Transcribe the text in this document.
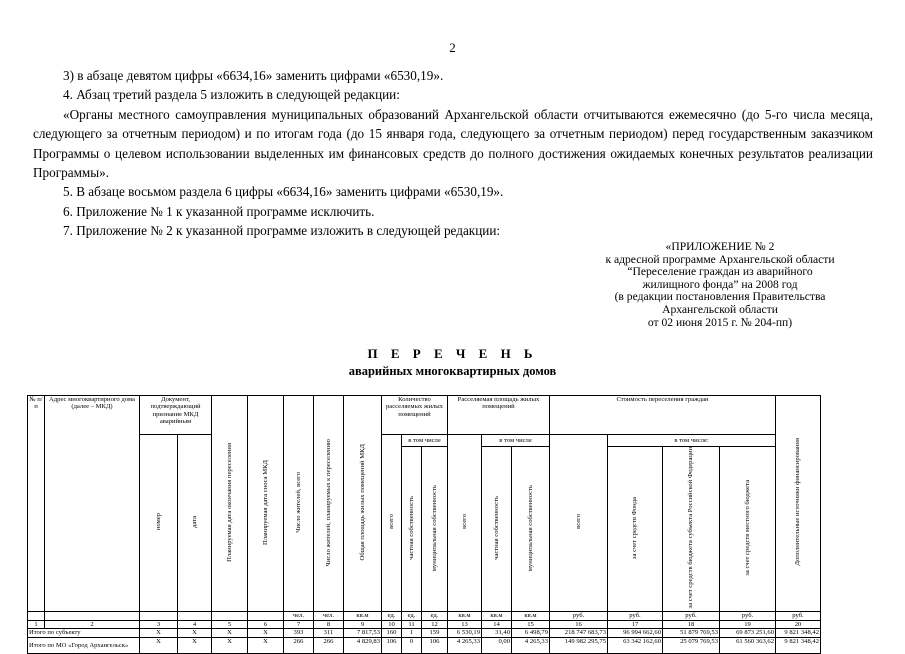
2

3) в абзаце девятом цифры «6634,16» заменить цифрами «6530,19».

4. Абзац третий раздела 5 изложить в следующей редакции:

«Органы местного самоуправления муниципальных образований Архангельской области отчитываются ежемесячно (до 5-го числа месяца, следующего за отчетным периодом) и по итогам года (до 15 января года, следующего за отчетным периодом) перед государственным заказчиком Программы о целевом использовании выделенных им финансовых средств до полного достижения ожидаемых конечных результатов реализации Программы».

5. В абзаце восьмом раздела 6 цифры «6634,16» заменить цифрами «6530,19».

6. Приложение № 1 к указанной программе исключить.

7. Приложение № 2 к указанной программе изложить в следующей редакции:

«ПРИЛОЖЕНИЕ № 2
к адресной программе Архангельской области
“Переселение граждан из аварийного
жилищного фонда” на 2008 год
(в редакции постановления Правительства
Архангельской области
от 02 июня 2015 г. № 204-пп)
П Е Р Е Ч Е Н Ь
аварийных многоквартирных домов
№ п/п	Адрес многоквартирного дома (далее – МКД)	Документ, подтверждающий признание МКД аварийным		Планируемая дата окончания переселения	Планируемая дата сноса МКД	Число жителей, всего	Число жителей, планируемых к переселению	Общая площадь жилых помещений МКД	Количество расселяемых жилых помещений			Расселяемая площадь жилых помещений			Стоимость переселения граждан				Дополнительные источники финансирования

		номер	дата						всего	в том числе		всего	в том числе		всего	в том числе:			
										частная собственность	муниципальная собственность		частная собственность	муниципальная собственность		за счет средств Фонда	за счет средств бюджета субъекта Российской Федерации	за счет средств местного бюджета	
						чел.	чел.	кв.м	ед.	ед.	ед.	кв.м	кв.м	кв.м	руб.	руб.	руб.	руб.	руб.
1	2	3	4	5	6	7	8	9	10	11	12	13	14	15	16	17	18	19	20
Итого по субъекту		X	X	X	X	393	311	7 817,53	160	1	159	6 530,19	31,40	6 498,79	218 747 683,73	96 994 662,60	51 879 769,53	69 873 251,60	9 821 348,42
Итого по МО «Город Архангельск»		X	X	X	X	266	266	4 829,83	106	0	106	4 265,33	0,00	4 265,33	149 982 295,75	63 342 162,60	25 079 769,53	61 560 363,62	9 821 348,42
